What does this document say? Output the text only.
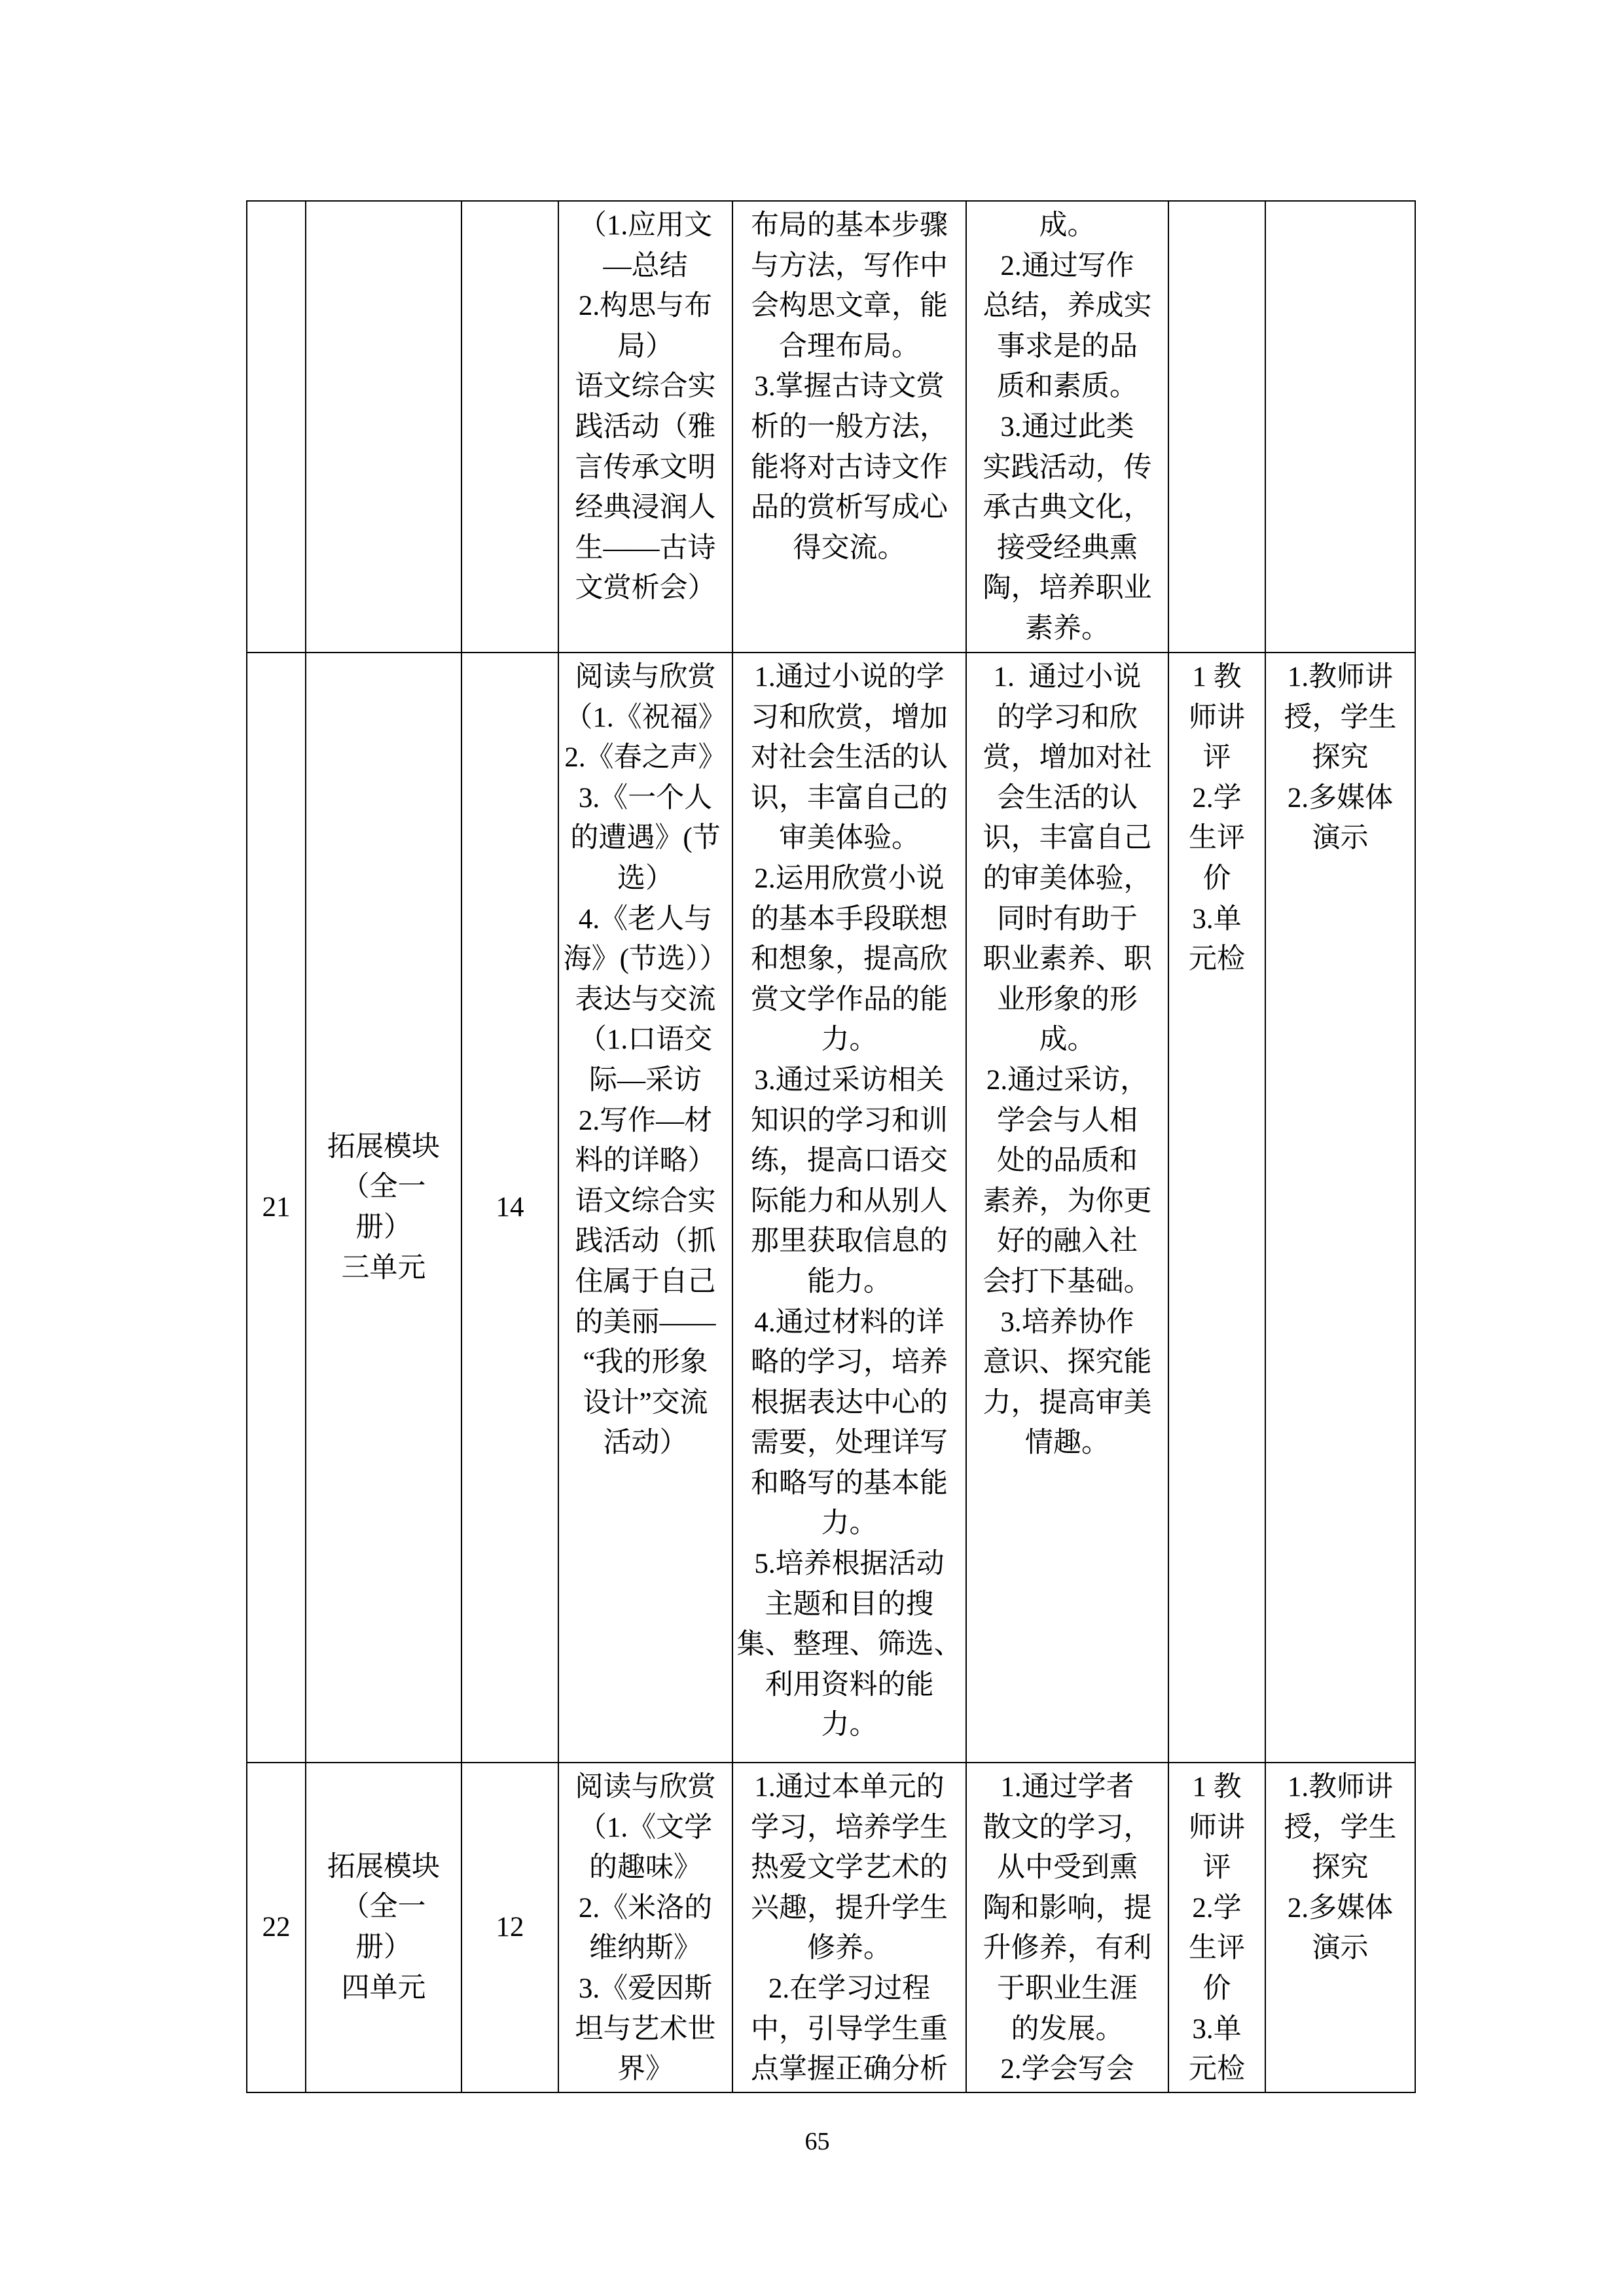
（1.应用文
—总结
2.构思与布
局）
语文综合实
践活动（雅
言传承文明
经典浸润人
生——古诗
文赏析会）
布局的基本步骤
与方法，写作中
会构思文章，能
合理布局。
3.掌握古诗文赏
析的一般方法，
能将对古诗文作
品的赏析写成心
得交流。
成。
2.通过写作
总结，养成实
事求是的品
质和素质。
3.通过此类
实践活动，传
承古典文化，
接受经典熏
陶，培养职业
素养。
21
拓展模块
（全一
册）
三单元
14
阅读与欣赏
（1.《祝福》
2.《春之声》
3.《一个人
的遭遇》(节
选）
4.《老人与
海》(节选））
表达与交流
（1.口语交
际—采访
2.写作—材
料的详略）
语文综合实
践活动（抓
住属于自己
的美丽——
“我的形象
设计”交流
活动）
1.通过小说的学
习和欣赏，增加
对社会生活的认
识，丰富自己的
审美体验。
2.运用欣赏小说
的基本手段联想
和想象，提高欣
赏文学作品的能
力。
3.通过采访相关
知识的学习和训
练，提高口语交
际能力和从别人
那里获取信息的
能力。
4.通过材料的详
略的学习，培养
根据表达中心的
需要，处理详写
和略写的基本能
力。
5.培养根据活动
主题和目的搜
集、整理、筛选、
利用资料的能
力。
1.  通过小说
的学习和欣
赏，增加对社
会生活的认
识，丰富自己
的审美体验，
同时有助于
职业素养、职
业形象的形
成。
2.通过采访，
学会与人相
处的品质和
素养，为你更
好的融入社
会打下基础。
3.培养协作
意识、探究能
力，提高审美
情趣。
1 教
师讲
评
2.学
生评
价
3.单
元检
1.教师讲
授，学生
探究
2.多媒体
演示
22
拓展模块
（全一
册）
四单元
12
阅读与欣赏
（1.《文学
的趣味》
2.《米洛的
维纳斯》
3.《爱因斯
坦与艺术世
界》
1.通过本单元的
学习，培养学生
热爱文学艺术的
兴趣，提升学生
修养。
2.在学习过程
中，引导学生重
点掌握正确分析
1.通过学者
散文的学习，
从中受到熏
陶和影响，提
升修养，有利
于职业生涯
的发展。
2.学会写会
1 教
师讲
评
2.学
生评
价
3.单
元检
1.教师讲
授，学生
探究
2.多媒体
演示
65
